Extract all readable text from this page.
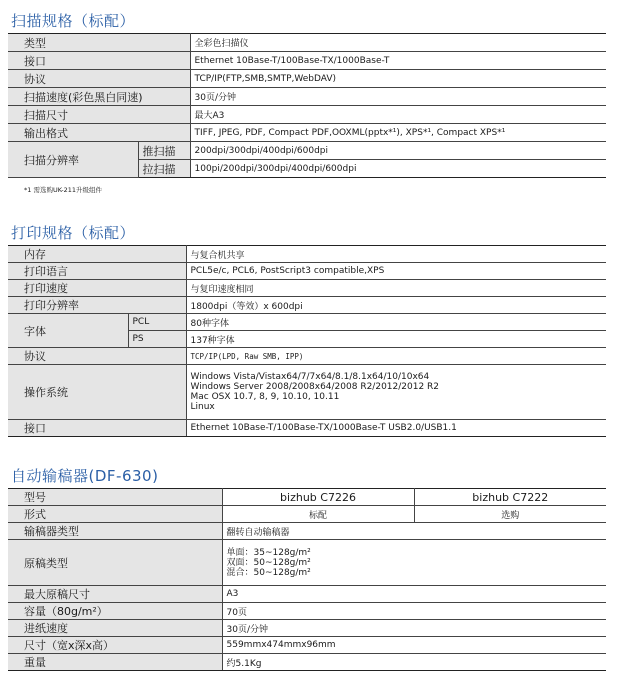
扫描规格（标配）
类型		全彩色扫描仪
接口		Ethernet 10Base-T/100Base-TX/1000Base-T
协议		TCP/IP(FTP,SMB,SMTP,WebDAV)
扫描速度(彩色黑白同速)		30页/分钟
扫描尺寸		最大A3
输出格式		TIFF, JPEG, PDF, Compact PDF,OOXML(pptx*¹), XPS*¹, Compact XPS*¹
扫描分辨率	推扫描	200dpi/300dpi/400dpi/600dpi
	拉扫描	100pi/200dpi/300dpi/400dpi/600dpi
*1 需选购UK-211升级组件
打印规格（标配）
内存		与复合机共享
打印语言		PCL5e/c, PCL6, PostScript3 compatible,XPS
打印速度		与复印速度相同
打印分辨率		1800dpi（等效）x 600dpi
字体	PCL	80种字体
	PS	137种字体
协议		TCP/IP(LPD, Raw SMB, IPP)
操作系统		Windows Vista/Vistax64/7/7x64/8.1/8.1x64/10/10x64
Windows Server 2008/2008x64/2008 R2/2012/2012 R2
Mac OSX 10.7, 8, 9, 10.10, 10.11
Linux

接口		Ethernet 10Base-T/100Base-TX/1000Base-T USB2.0/USB1.1
自动输稿器(DF-630)
型号	bizhub C7226	bizhub C7222
形式	标配	选购
输稿器类型	翻转自动输稿器	
原稿类型	单面：35~128g/m²
双面：50~128g/m²
混合：50~128g/m²	

最大原稿尺寸	A3	
容量（80g/m²）	70页	
进纸速度	30页/分钟	
尺寸（宽x深x高）	559mmx474mmx96mm	
重量	约5.1Kg	
